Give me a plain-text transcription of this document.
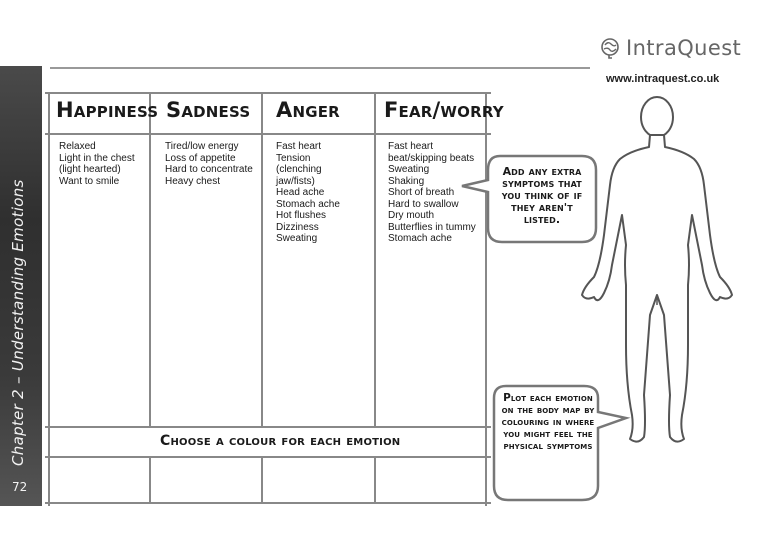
Chapter 2 – Understanding Emotions
72
IntraQuest
www.intraquest.co.uk
Happiness Sadness Anger Fear/worry
Relaxed
Light in the chest (light hearted)
Want to smile
Tired/low energy
Loss of appetite
Hard to concentrate
Heavy chest
Fast heart
Tension (clenching jaw/fists)
Head ache
Stomach ache
Hot flushes
Dizziness
Sweating
Fast heart beat/skipping beats
Sweating
Shaking
Short of breath
Hard to swallow
Dry mouth
Butterflies in tummy
Stomach ache
Choose a colour for each emotion
Add any extra symptoms that you think of if they aren't listed.
Plot each emotion on the body map by colouring in where you might feel the physical symptoms
